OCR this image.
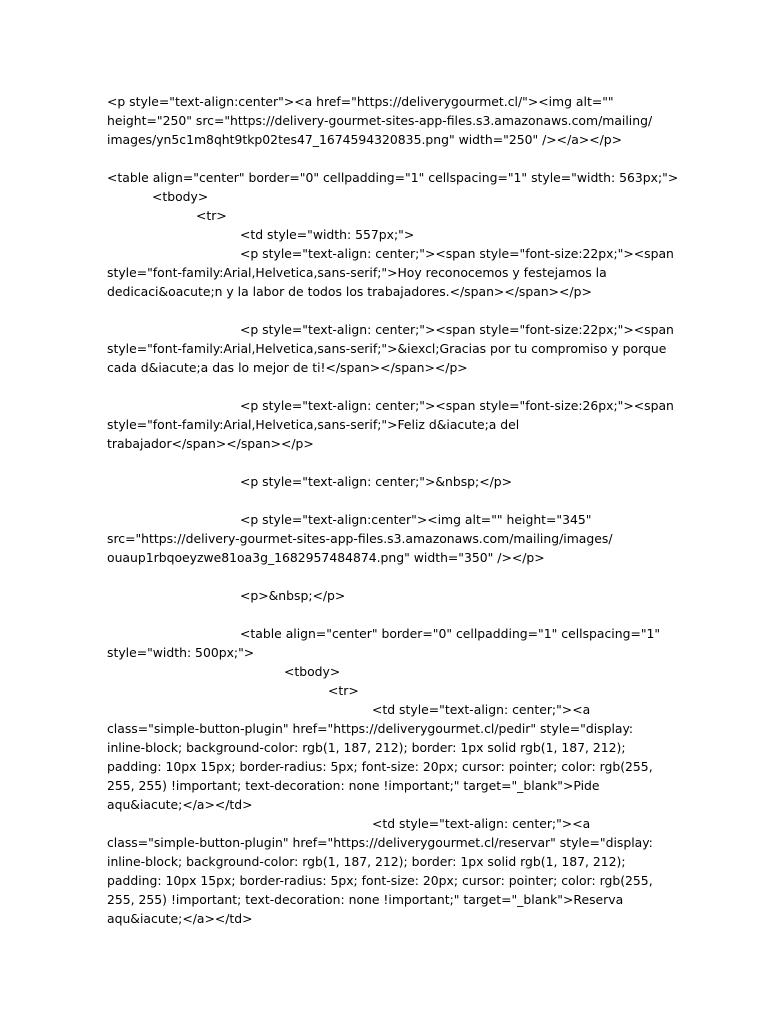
<p style="text-align:center"><a href="https://deliverygourmet.cl/"><img alt=""
height="250" src="https://delivery-gourmet-sites-app-files.s3.amazonaws.com/mailing/
images/yn5c1m8qht9tkp02tes47_1674594320835.png" width="250" /></a></p>
<table align="center" border="0" cellpadding="1" cellspacing="1" style="width: 563px;">
<tbody>
<tr>
<td style="width: 557px;">
<p style="text-align: center;"><span style="font-size:22px;"><span
style="font-family:Arial,Helvetica,sans-serif;">Hoy reconocemos y festejamos la
dedicaci&oacute;n y la labor de todos los trabajadores.</span></span></p>
<p style="text-align: center;"><span style="font-size:22px;"><span
style="font-family:Arial,Helvetica,sans-serif;">&iexcl;Gracias por tu compromiso y porque
cada d&iacute;a das lo mejor de ti!</span></span></p>
<p style="text-align: center;"><span style="font-size:26px;"><span
style="font-family:Arial,Helvetica,sans-serif;">Feliz d&iacute;a del
trabajador</span></span></p>
<p style="text-align: center;">&nbsp;</p>
<p style="text-align:center"><img alt="" height="345"
src="https://delivery-gourmet-sites-app-files.s3.amazonaws.com/mailing/images/
ouaup1rbqoeyzwe81oa3g_1682957484874.png" width="350" /></p>
<p>&nbsp;</p>
<table align="center" border="0" cellpadding="1" cellspacing="1"
style="width: 500px;">
<tbody>
<tr>
<td style="text-align: center;"><a
class="simple-button-plugin" href="https://deliverygourmet.cl/pedir" style="display:
inline-block; background-color: rgb(1, 187, 212); border: 1px solid rgb(1, 187, 212);
padding: 10px 15px; border-radius: 5px; font-size: 20px; cursor: pointer; color: rgb(255,
255, 255) !important; text-decoration: none !important;" target="_blank">Pide
aqu&iacute;</a></td>
<td style="text-align: center;"><a
class="simple-button-plugin" href="https://deliverygourmet.cl/reservar" style="display:
inline-block; background-color: rgb(1, 187, 212); border: 1px solid rgb(1, 187, 212);
padding: 10px 15px; border-radius: 5px; font-size: 20px; cursor: pointer; color: rgb(255,
255, 255) !important; text-decoration: none !important;" target="_blank">Reserva
aqu&iacute;</a></td>
